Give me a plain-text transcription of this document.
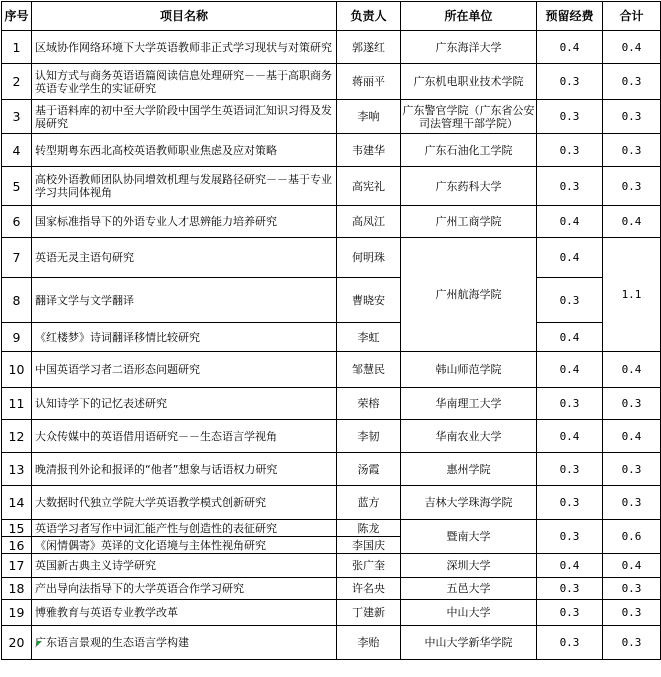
序号	项目名称	负责人	所在单位	预留经费	合计
1	区域协作网络环境下大学英语教师非正式学习现状与对策研究	郭遂红	广东海洋大学	0.4	0.4
2	认知方式与商务英语语篇阅读信息处理研究－－基于高职商务英语专业学生的实证研究	蒋丽平	广东机电职业技术学院	0.3	0.3
3	基于语料库的初中至大学阶段中国学生英语词汇知识习得及发展研究	李响	广东警官学院（广东省公安司法管理干部学院）	0.3	0.3
4	转型期粤东西北高校英语教师职业焦虑及应对策略	韦建华	广东石油化工学院	0.3	0.3
5	高校外语教师团队协同增效机理与发展路径研究－－基于专业学习共同体视角	高宪礼	广东药科大学	0.3	0.3
6	国家标准指导下的外语专业人才思辨能力培养研究	高凤江	广州工商学院	0.4	0.4
7	英语无灵主语句研究	何明珠	广州航海学院	0.4	1.1
8	翻译文学与文学翻译	曹晓安		0.3	
9	《红楼梦》诗词翻译移情比较研究	李虹		0.4	
10	中国英语学习者二语形态问题研究	邹慧民	韩山师范学院	0.4	0.4
11	认知诗学下的记忆表述研究	荣榕	华南理工大学	0.3	0.3
12	大众传媒中的英语借用语研究－－生态语言学视角	李韧	华南农业大学	0.4	0.4
13	晚清报刊外论和报译的“他者”想象与话语权力研究	汤霞	惠州学院	0.3	0.3
14	大数据时代独立学院大学英语教学模式创新研究	蓝方	吉林大学珠海学院	0.3	0.3
15	英语学习者写作中词汇能产性与创造性的表征研究	陈龙	暨南大学	0.3	0.6
16	《闲情偶寄》英译的文化语境与主体性视角研究	李国庆			
17	英国新古典主义诗学研究	张广奎	深圳大学	0.4	0.4
18	产出导向法指导下的大学英语合作学习研究	许名央	五邑大学	0.3	0.3
19	博雅教育与英语专业教学改革	丁建新	中山大学	0.3	0.3
20	广东语言景观的生态语言学构建	李贻	中山大学新华学院	0.3	0.3
